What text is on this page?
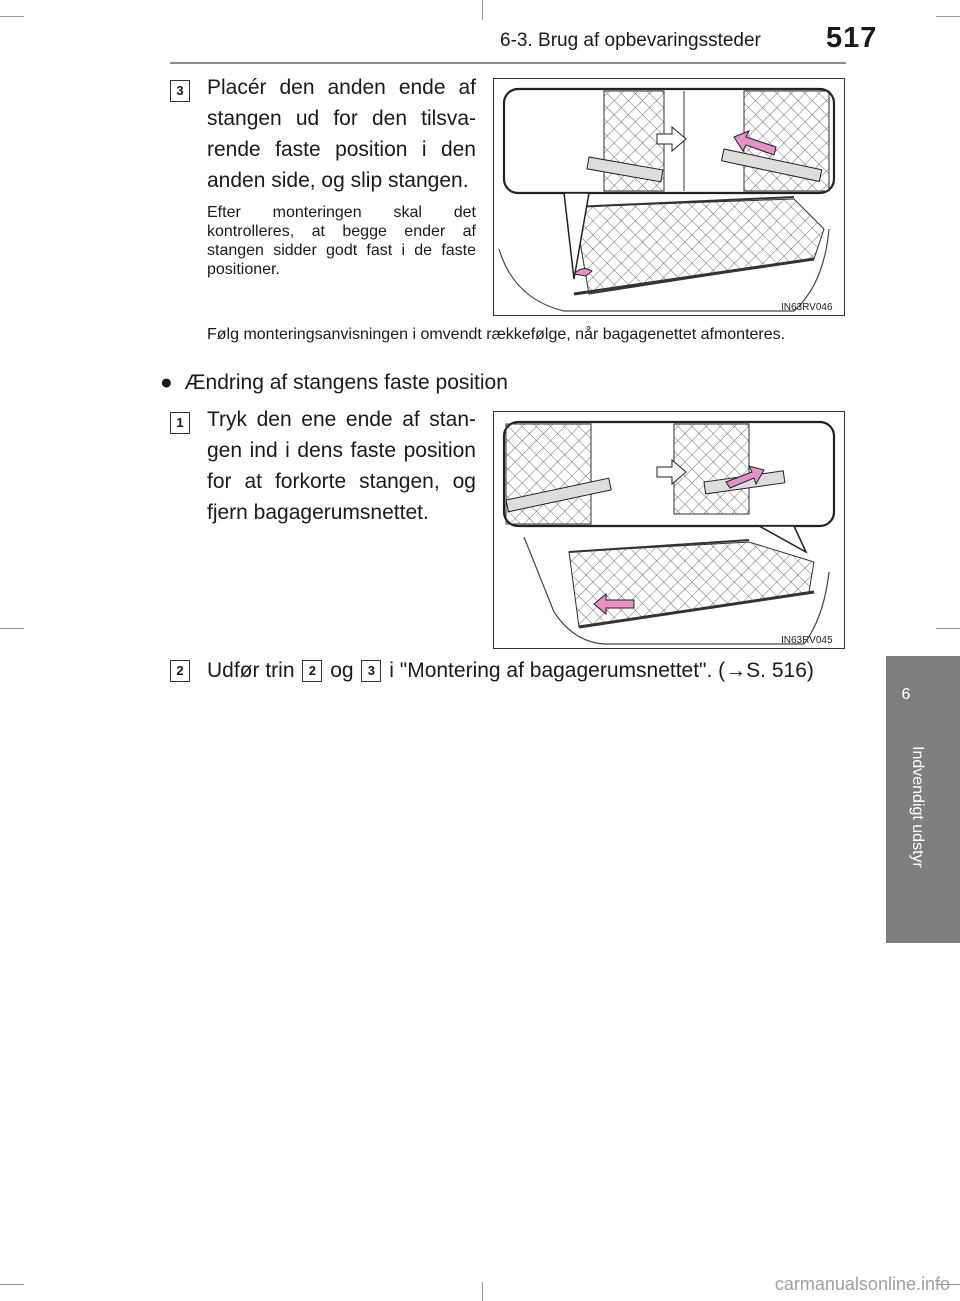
6-3. Brug af opbevaringssteder 517
6
Indvendigt udstyr
3	Placér den anden ende af stangen ud for den tilsva-rende faste position i den anden side, og slip stangen.
Efter monteringen skal det kontrolleres, at begge ender af stangen sidder godt fast i de faste positioner.
IN63RV046
Følg monteringsanvisningen i omvendt rækkefølge, når bagagenettet afmonteres.
● Ændring af stangens faste position
1	Tryk den ene ende af stan-gen ind i dens faste position for at forkorte stangen, og fjern bagagerumsnettet.
IN63RV045
2	Udfør trin 2 og 3 i "Montering af bagagerumsnettet". (→S. 516)
carmanualsonline.info
